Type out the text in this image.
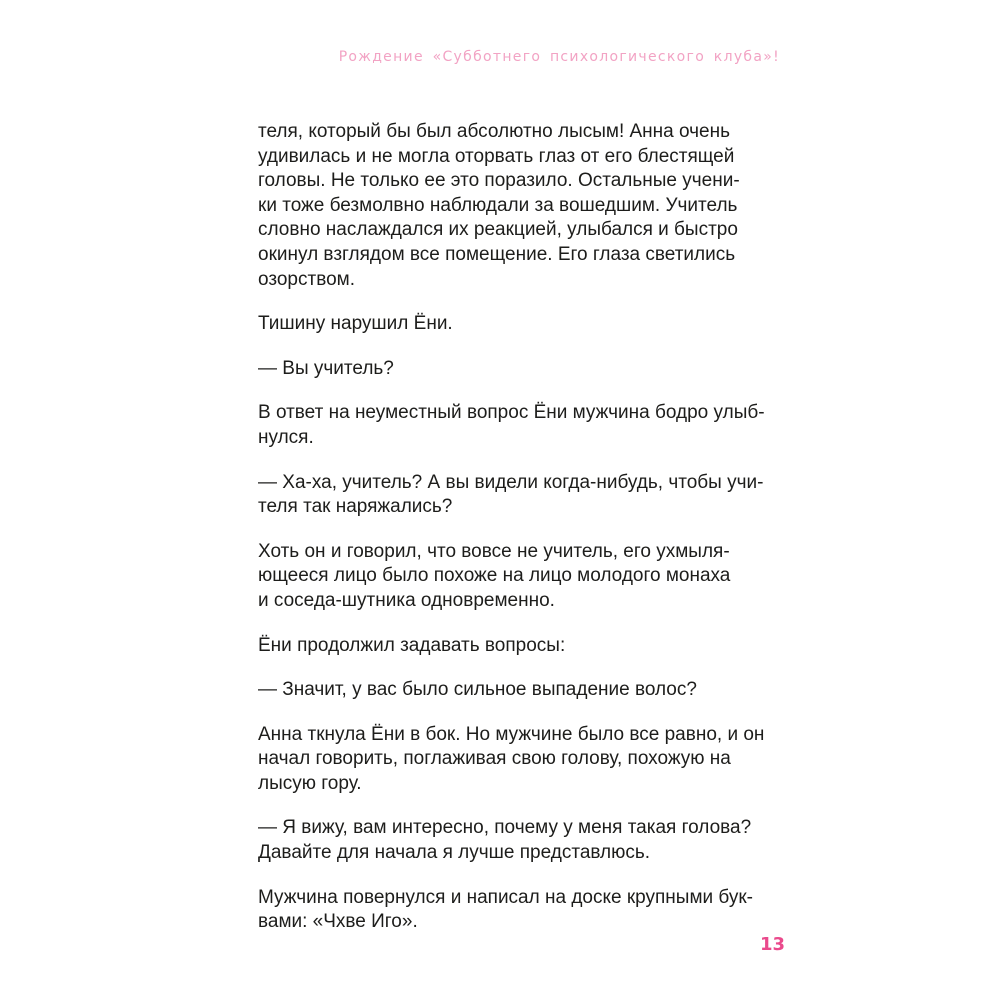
Рождение «Субботнего психологического клуба»!

теля, который бы был абсолютно лысым! Анна очень
удивилась и не могла оторвать глаз от его блестящей
головы. Не только ее это поразило. Остальные учени-
ки тоже безмолвно наблюдали за вошедшим. Учитель
словно наслаждался их реакцией, улыбался и быстро
окинул взглядом все помещение. Его глаза светились
озорством.

Тишину нарушил Ёни.

— Вы учитель?

В ответ на неуместный вопрос Ёни мужчина бодро улыб-
нулся.

— Ха-ха, учитель? А вы видели когда-нибудь, чтобы учи-
теля так наряжались?

Хоть он и говорил, что вовсе не учитель, его ухмыля-
ющееся лицо было похоже на лицо молодого монаха
и соседа-шутника одновременно.

Ёни продолжил задавать вопросы:

— Значит, у вас было сильное выпадение волос?

Анна ткнула Ёни в бок. Но мужчине было все равно, и он
начал говорить, поглаживая свою голову, похожую на
лысую гору.

— Я вижу, вам интересно, почему у меня такая голова?
Давайте для начала я лучше представлюсь.

Мужчина повернулся и написал на доске крупными бук-
вами: «Чхве Иго».

13
